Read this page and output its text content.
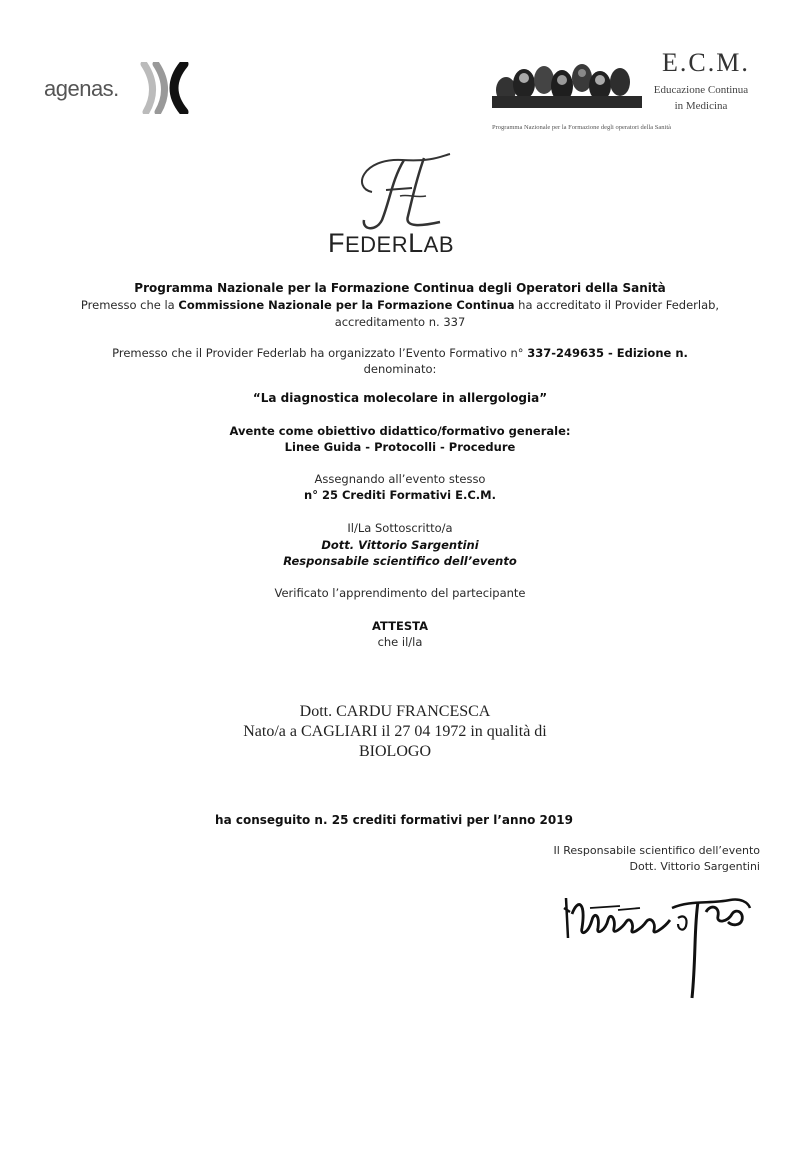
agenas.
E.C.M.
Educazione Continua
in Medicina
Programma Nazionale per la Formazione degli operatori della Sanità
FEDERLAB
Programma Nazionale per la Formazione Continua degli Operatori della Sanità
Premesso che la Commissione Nazionale per la Formazione Continua ha accreditato il Provider Federlab,
accreditamento n. 337
Premesso che il Provider Federlab ha organizzato l’Evento Formativo n° 337-249635 - Edizione n.
denominato:
“La diagnostica molecolare in allergologia”
Avente come obiettivo didattico/formativo generale:
Linee Guida - Protocolli - Procedure
Assegnando all’evento stesso
n° 25 Crediti Formativi E.C.M.
Il/La Sottoscritto/a
Dott. Vittorio Sargentini
Responsabile scientifico dell’evento
Verificato l’apprendimento del partecipante
ATTESTA
che il/la
Dott. CARDU FRANCESCA
Nato/a a CAGLIARI il 27 04 1972 in qualità di
BIOLOGO
ha conseguito n. 25 crediti formativi per l’anno 2019
Il Responsabile scientifico dell’evento
Dott. Vittorio Sargentini
